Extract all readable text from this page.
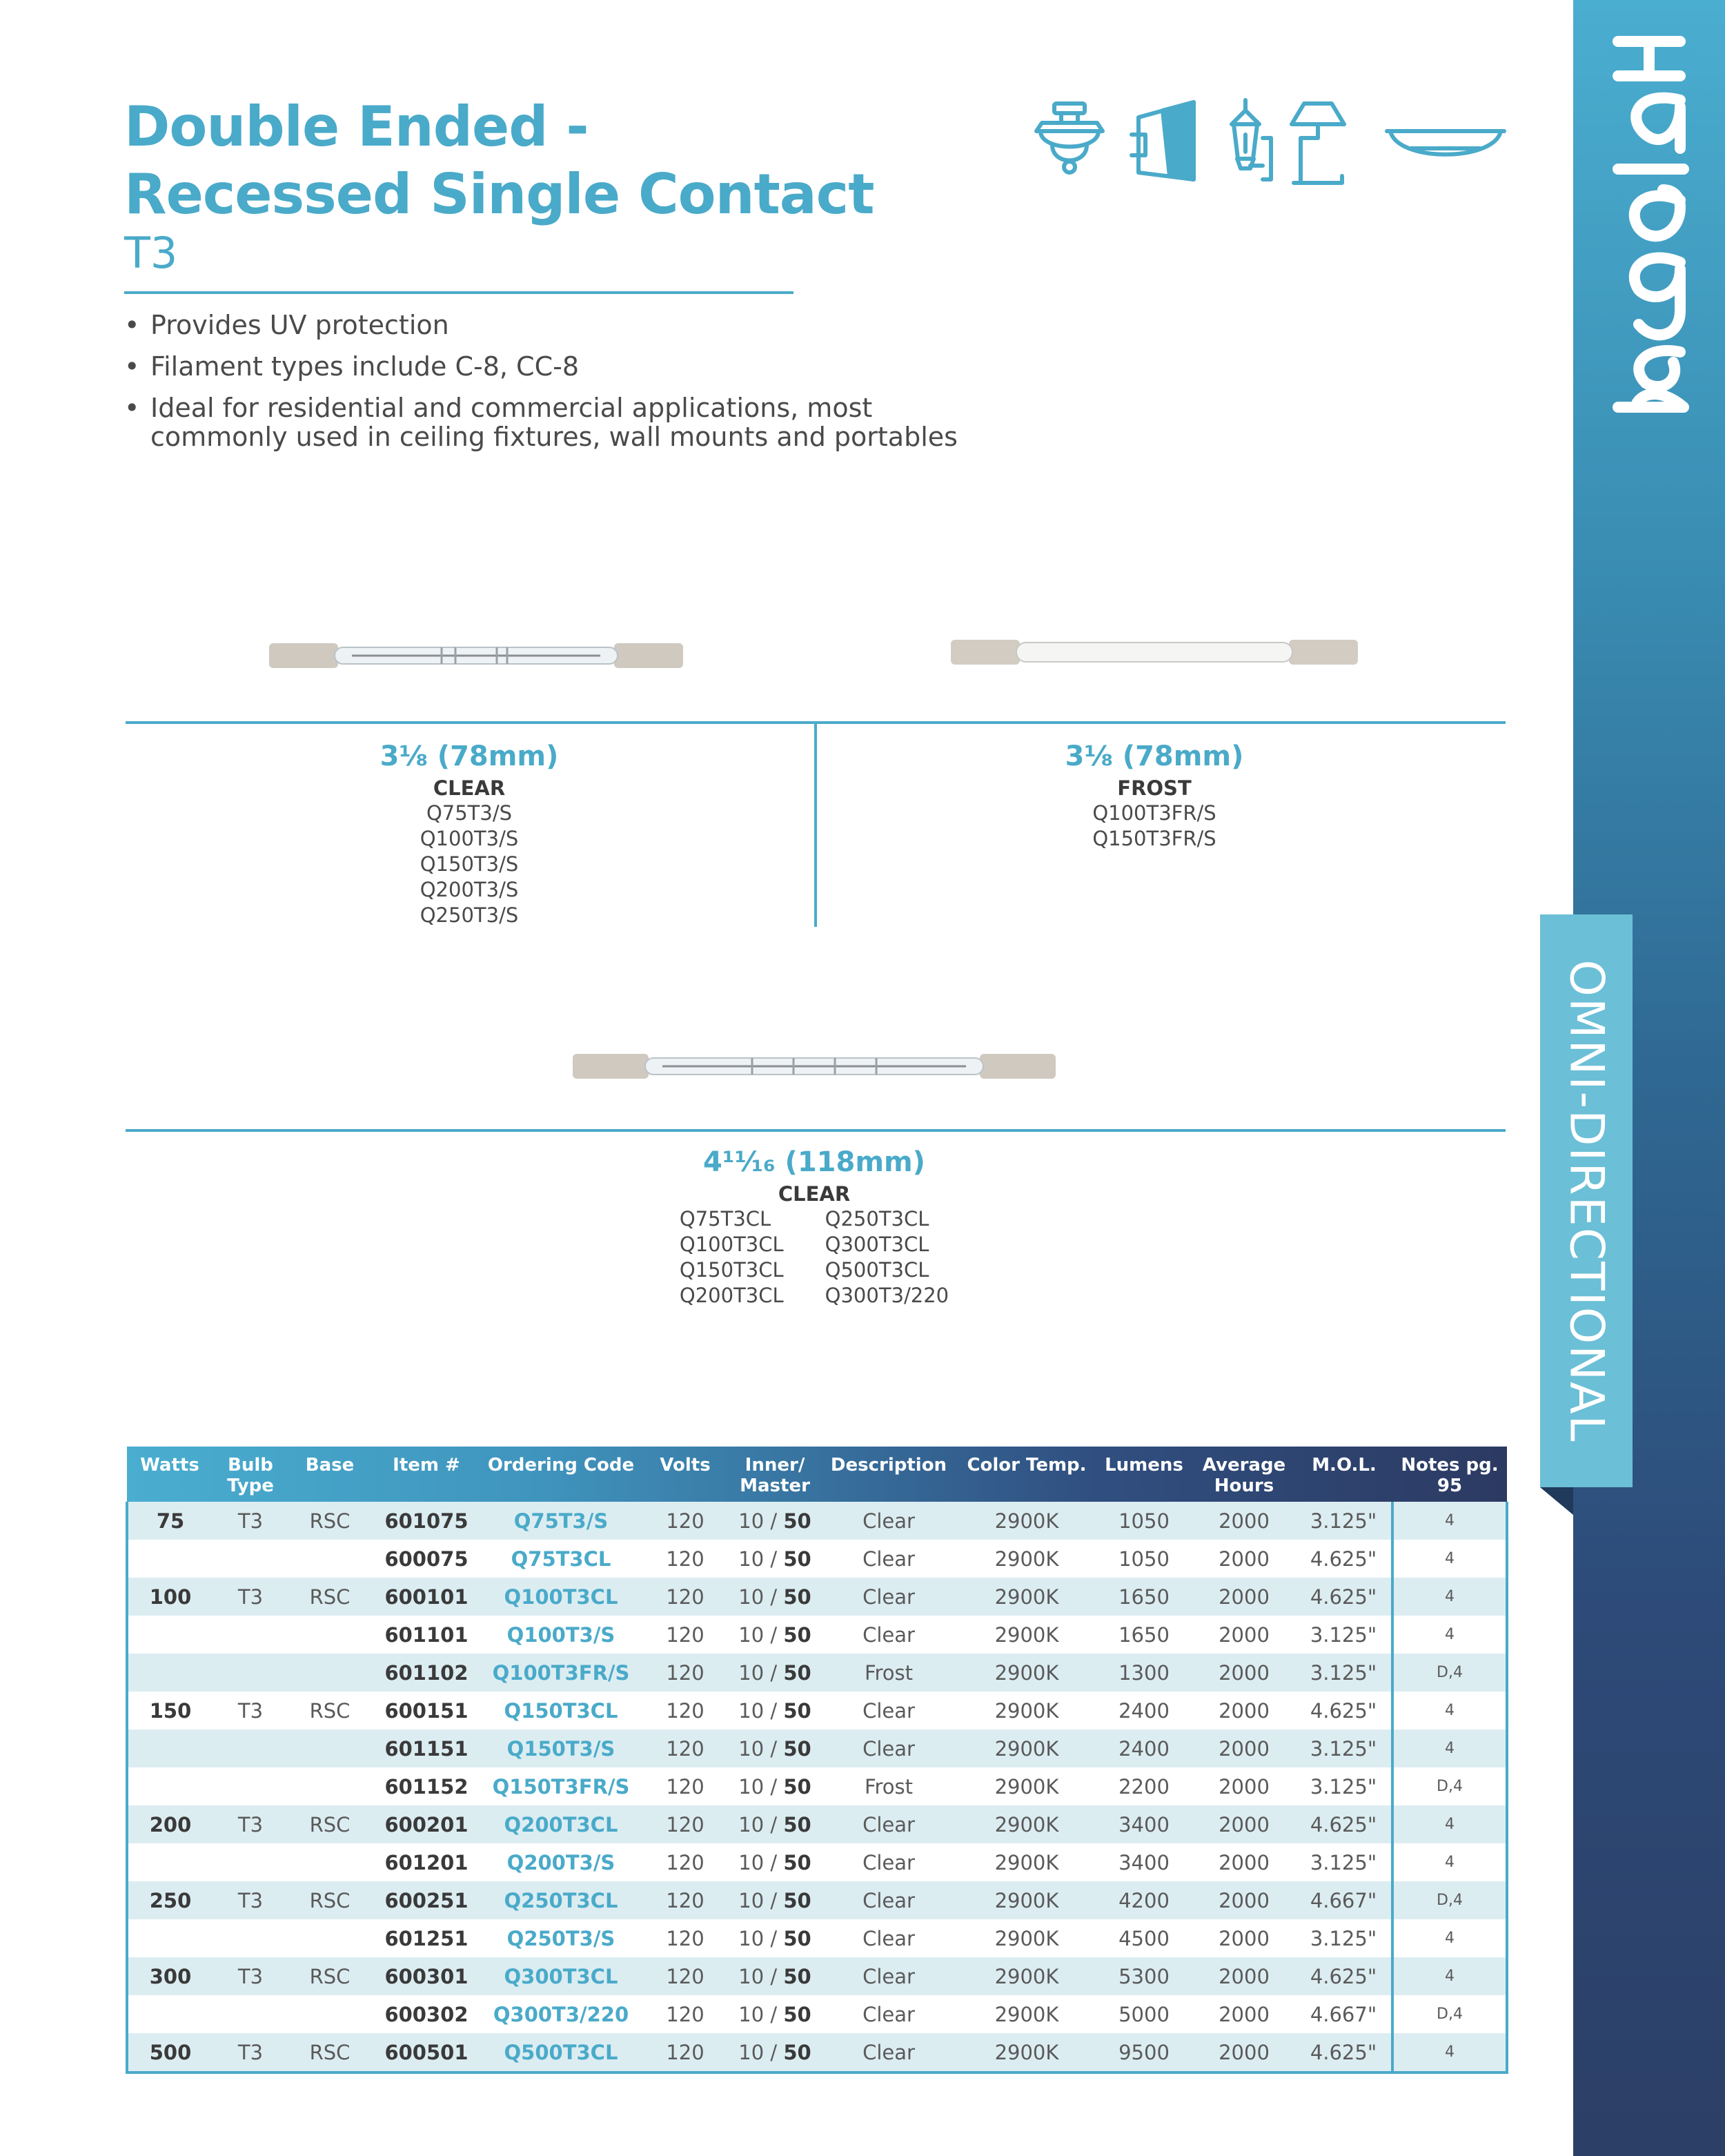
Halogen
OMNI-DIRECTIONAL
Double Ended -
Recessed Single Contact
T3
• Provides UV protection
• Filament types include C-8, CC-8
• Ideal for residential and commercial applications, most commonly used in ceiling fixtures, wall mounts and portables
3⅛ (78mm)
CLEAR
Q75T3/S
Q100T3/S
Q150T3/S
Q200T3/S
Q250T3/S
3⅛ (78mm)
FROST
Q100T3FR/S
Q150T3FR/S
4¹¹⁄₁₆ (118mm)
CLEAR
Q75T3CL
Q100T3CL
Q150T3CL
Q200T3CL
Q250T3CL
Q300T3CL
Q500T3CL
Q300T3/220
Watts	Bulb Type	Base	Item #	Ordering Code	Volts	Inner/ Master	Description	Color Temp.	Lumens	Average Hours	M.O.L.	Notes pg. 95
75	T3	RSC	601075	Q75T3/S	120	10 / 50	Clear	2900K	1050	2000	3.125"	4
			600075	Q75T3CL	120	10 / 50	Clear	2900K	1050	2000	4.625"	4
100	T3	RSC	600101	Q100T3CL	120	10 / 50	Clear	2900K	1650	2000	4.625"	4
			601101	Q100T3/S	120	10 / 50	Clear	2900K	1650	2000	3.125"	4
			601102	Q100T3FR/S	120	10 / 50	Frost	2900K	1300	2000	3.125"	D,4
150	T3	RSC	600151	Q150T3CL	120	10 / 50	Clear	2900K	2400	2000	4.625"	4
			601151	Q150T3/S	120	10 / 50	Clear	2900K	2400	2000	3.125"	4
			601152	Q150T3FR/S	120	10 / 50	Frost	2900K	2200	2000	3.125"	D,4
200	T3	RSC	600201	Q200T3CL	120	10 / 50	Clear	2900K	3400	2000	4.625"	4
			601201	Q200T3/S	120	10 / 50	Clear	2900K	3400	2000	3.125"	4
250	T3	RSC	600251	Q250T3CL	120	10 / 50	Clear	2900K	4200	2000	4.667"	D,4
			601251	Q250T3/S	120	10 / 50	Clear	2900K	4500	2000	3.125"	4
300	T3	RSC	600301	Q300T3CL	120	10 / 50	Clear	2900K	5300	2000	4.625"	4
			600302	Q300T3/220	120	10 / 50	Clear	2900K	5000	2000	4.667"	D,4
500	T3	RSC	600501	Q500T3CL	120	10 / 50	Clear	2900K	9500	2000	4.625"	4
